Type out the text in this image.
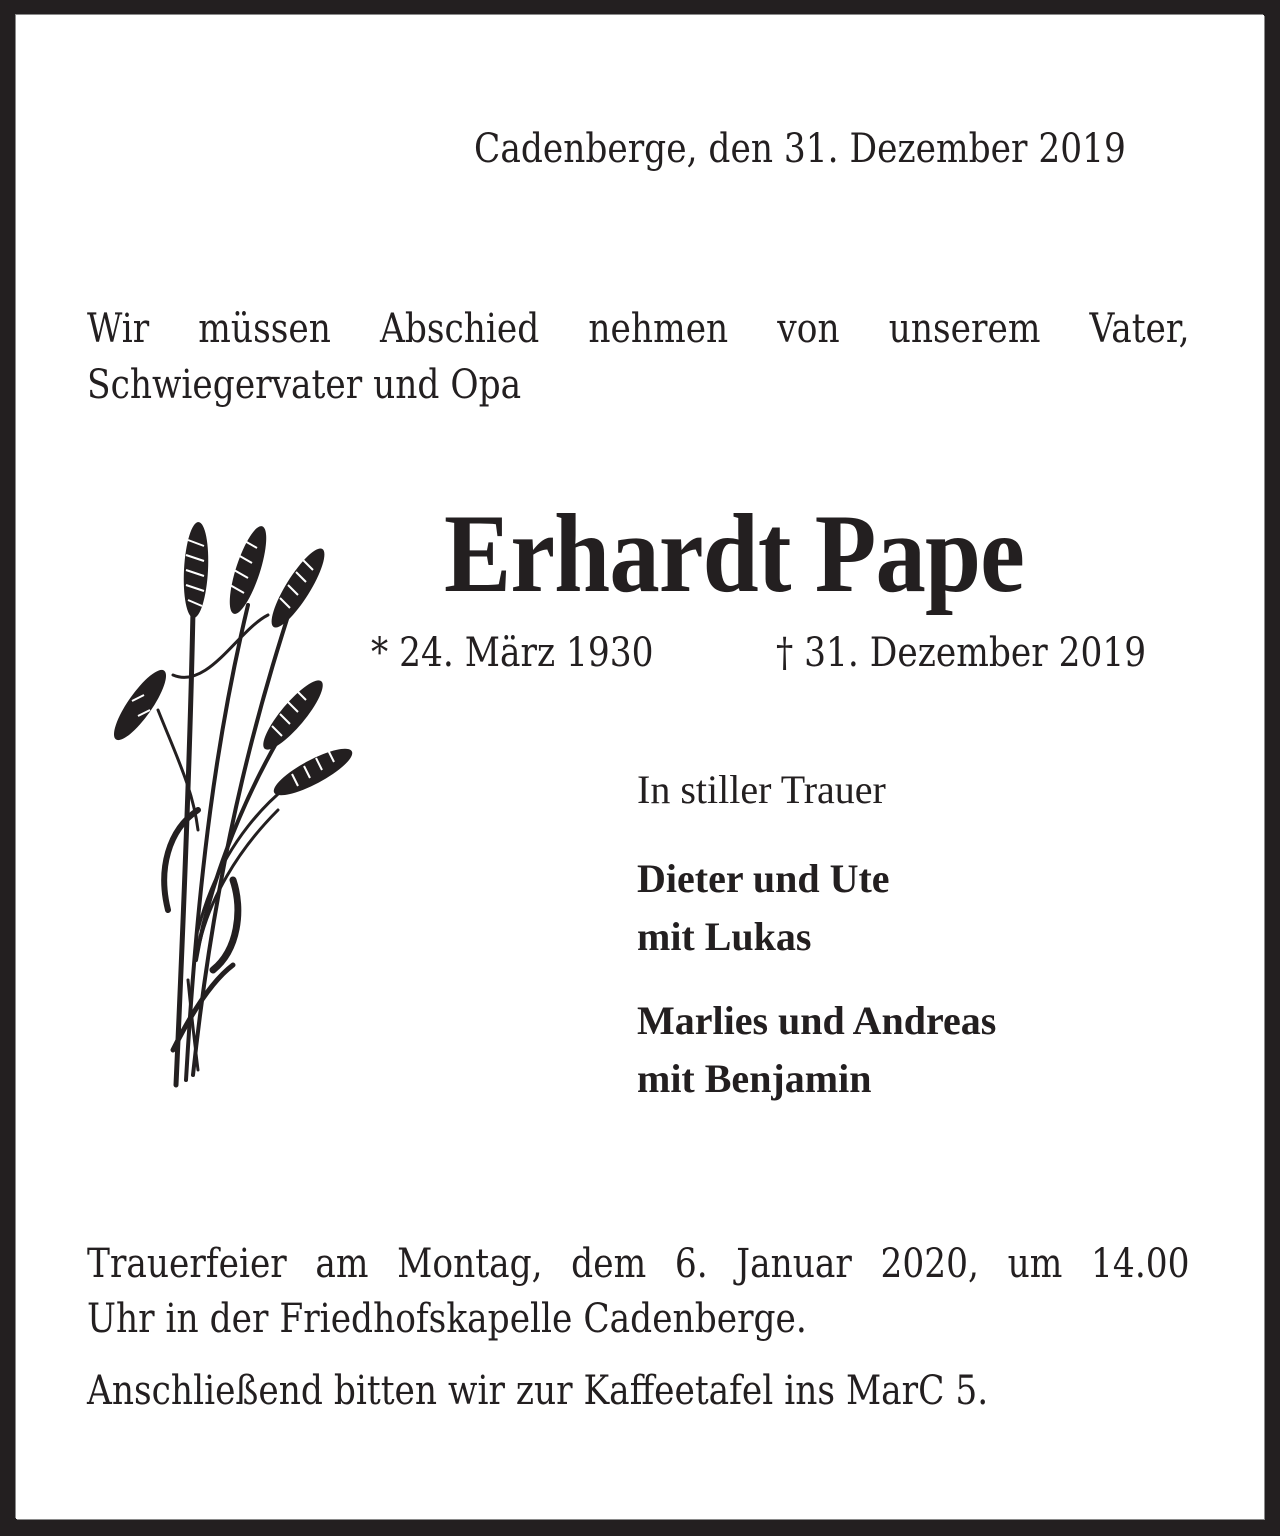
Cadenberge, den 31. Dezember 2019
Wir müssen Abschied nehmen von unserem Vater,
Schwiegervater und Opa
Erhardt Pape
* 24. März 1930	† 31. Dezember 2019
In stiller Trauer
Dieter und Ute
mit Lukas
Marlies und Andreas
mit Benjamin
Trauerfeier am Montag, dem 6. Januar 2020, um 14.00
Uhr in der Friedhofskapelle Cadenberge.
Anschließend bitten wir zur Kaffeetafel ins MarC 5.
